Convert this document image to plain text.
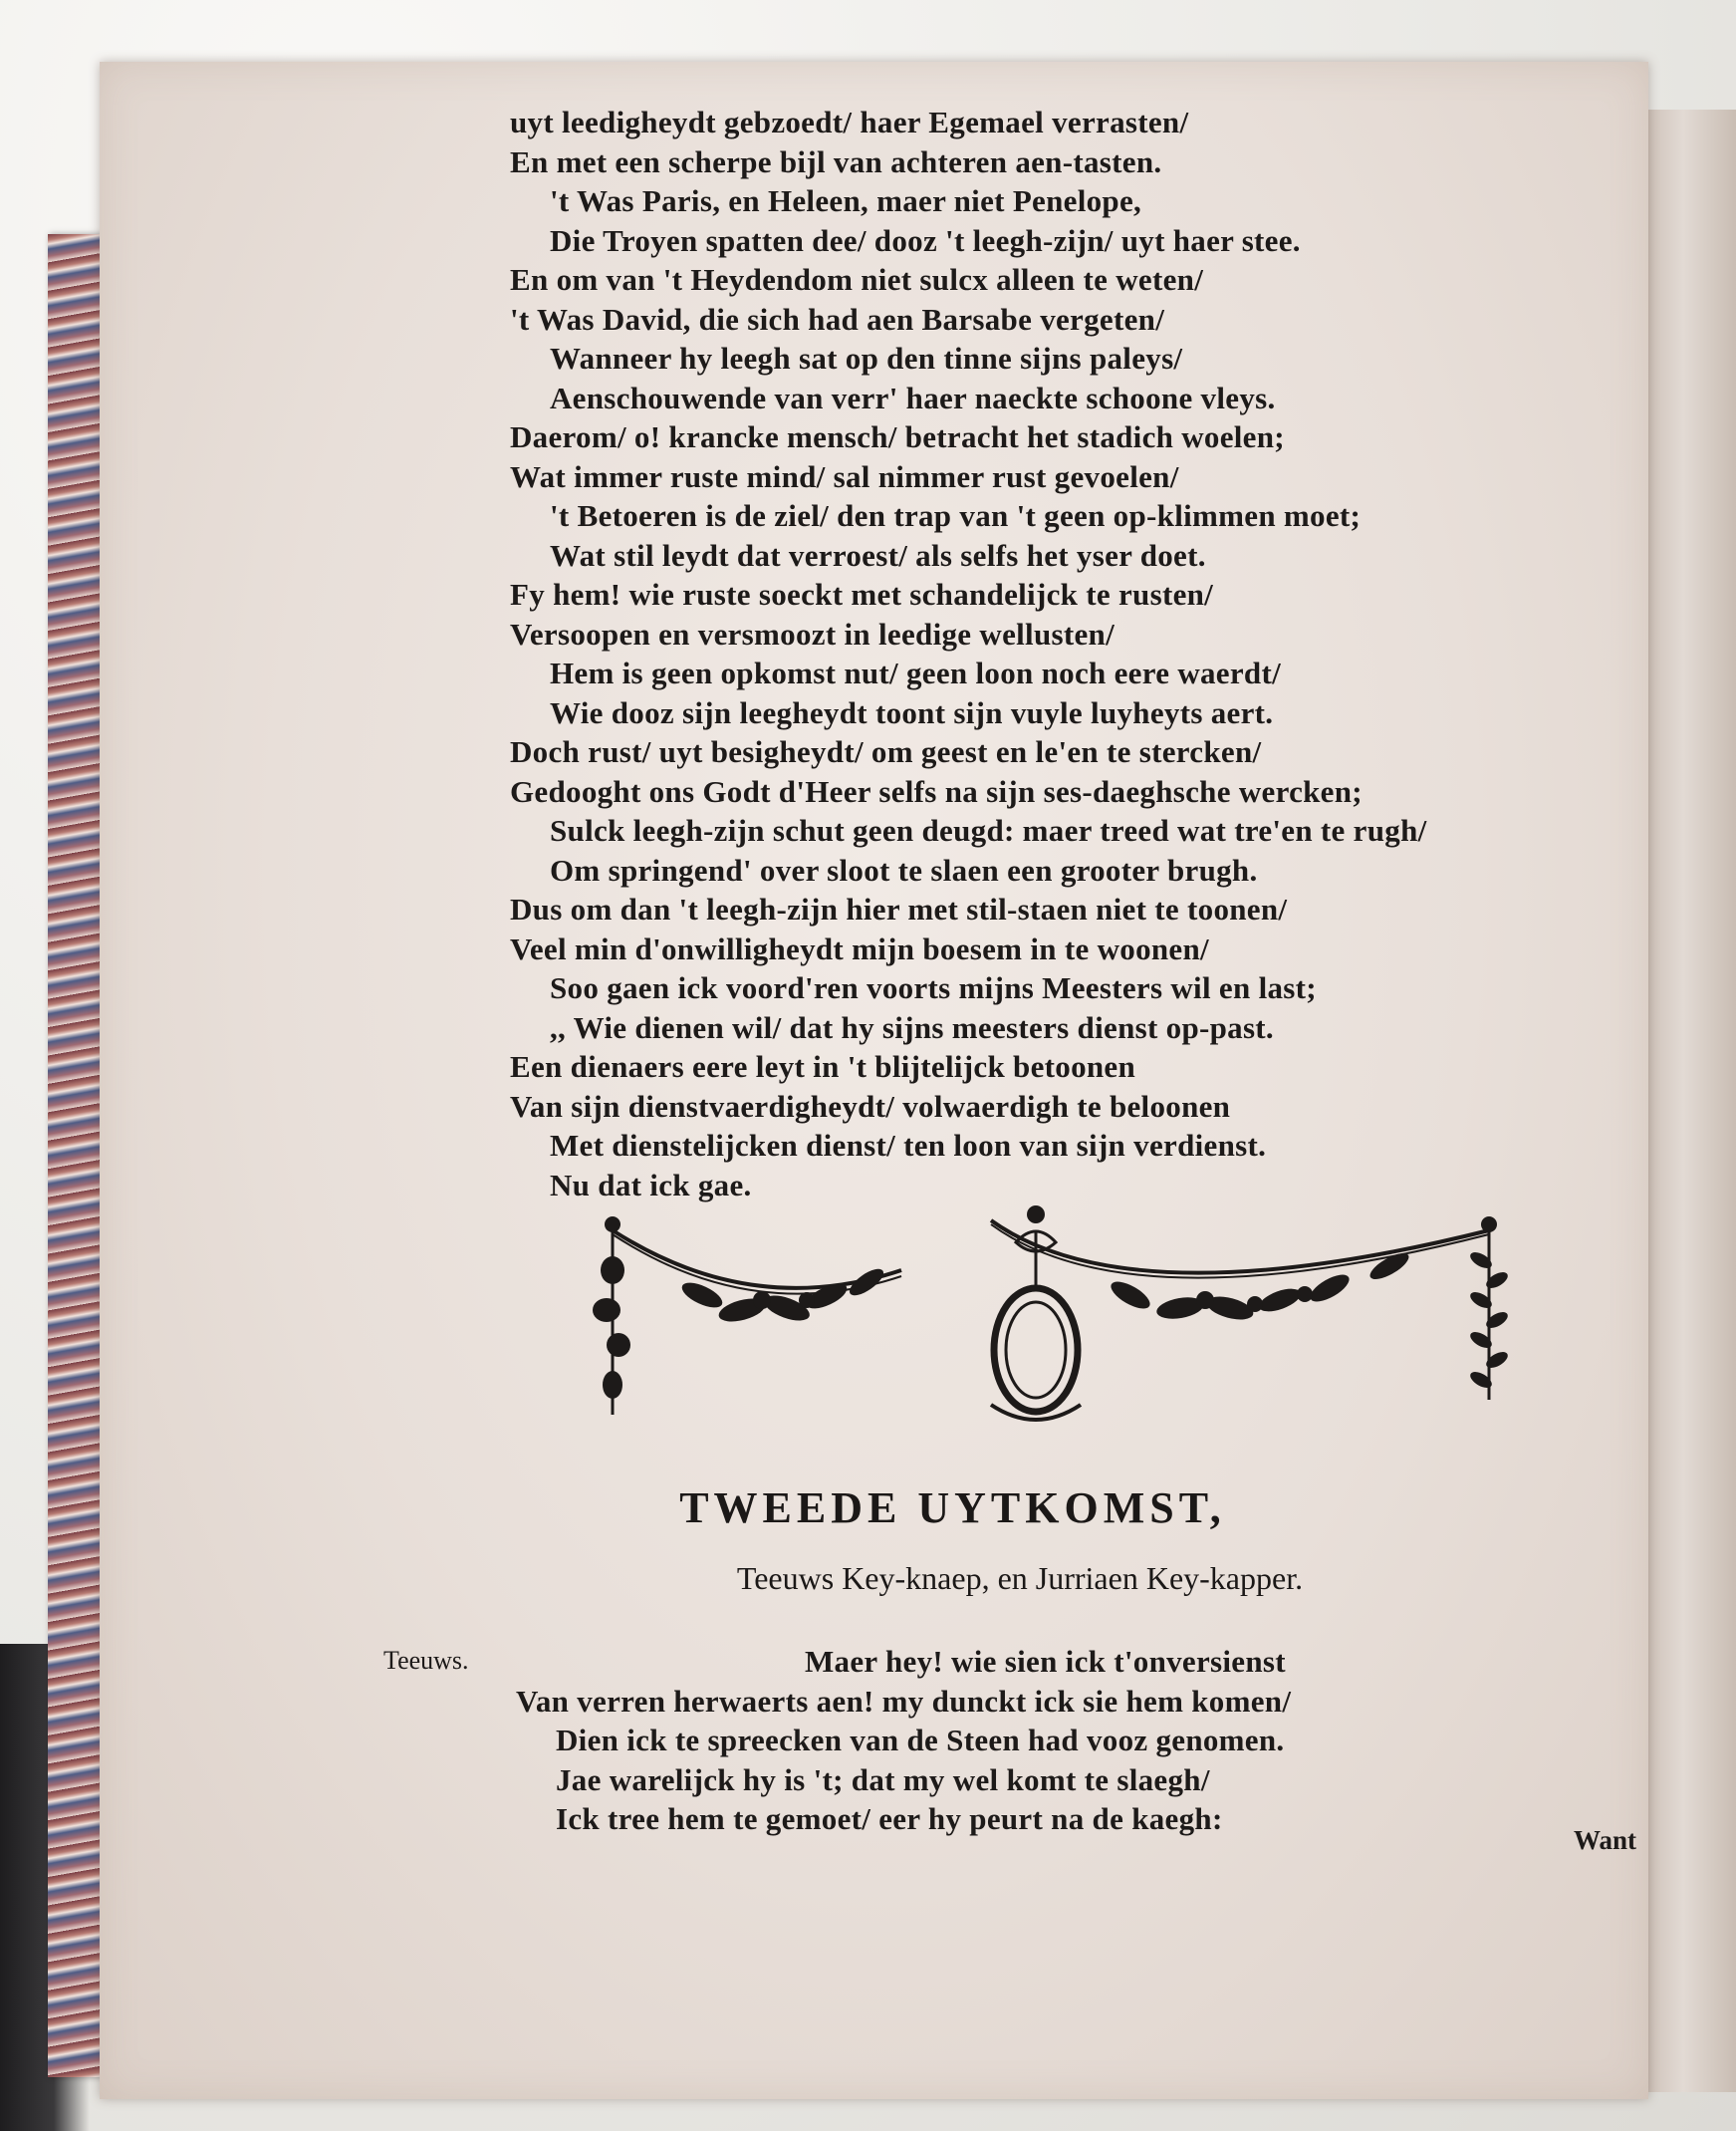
uyt leedigheydt gebzoedt/ haer Egemael verrasten/
En met een scherpe bijl van achteren aen-tasten.
't Was Paris, en Heleen, maer niet Penelope,
Die Troyen spatten dee/ dooz 't leegh-zijn/ uyt haer stee.
En om van 't Heydendom niet sulcx alleen te weten/
't Was David, die sich had aen Barsabe vergeten/
Wanneer hy leegh sat op den tinne sijns paleys/
Aenschouwende van verr' haer naeckte schoone vleys.
Daerom/ o! krancke mensch/ betracht het stadich woelen;
Wat immer ruste mind/ sal nimmer rust gevoelen/
't Betoeren is de ziel/ den trap van 't geen op-klimmen moet;
Wat stil leydt dat verroest/ als selfs het yser doet.
Fy hem! wie ruste soeckt met schandelijck te rusten/
Versoopen en versmoozt in leedige wellusten/
Hem is geen opkomst nut/ geen loon noch eere waerdt/
Wie dooz sijn leegheydt toont sijn vuyle luyheyts aert.
Doch rust/ uyt besigheydt/ om geest en le'en te stercken/
Gedooght ons Godt d'Heer selfs na sijn ses-daeghsche wercken;
Sulck leegh-zijn schut geen deugd: maer treed wat tre'en te rugh/
Om springend' over sloot te slaen een grooter brugh.
Dus om dan 't leegh-zijn hier met stil-staen niet te toonen/
Veel min d'onwilligheydt mijn boesem in te woonen/
Soo gaen ick voord'ren voorts mijns Meesters wil en last;
,, Wie dienen wil/ dat hy sijns meesters dienst op-past.
Een dienaers eere leyt in 't blijtelijck betoonen
Van sijn dienstvaerdigheydt/ volwaerdigh te beloonen
Met dienstelijcken dienst/ ten loon van sijn verdienst.
Nu dat ick gae.
TWEEDE UYTKOMST,
Teeuws Key-knaep, en Jurriaen Key-kapper.
Teeuws.	Maer hey! wie sien ick t'onversienst
Van verren herwaerts aen! my dunckt ick sie hem komen/
Dien ick te spreecken van de Steen had vooz genomen.
Jae warelijck hy is 't; dat my wel komt te slaegh/
Ick tree hem te gemoet/ eer hy peurt na de kaegh:
Want
